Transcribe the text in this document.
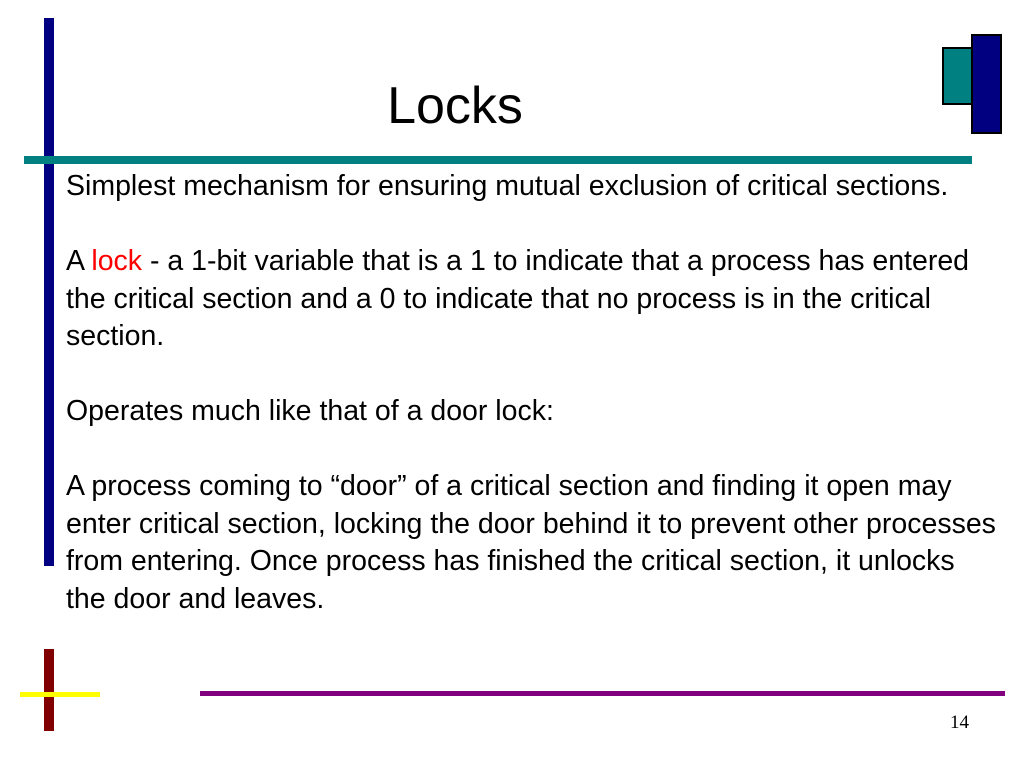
Locks

Simplest mechanism for ensuring mutual exclusion of critical sections.

A lock - a 1-bit variable that is a 1 to indicate that a process has entered the critical section and a 0 to indicate that no process is in the critical section.

Operates much like that of a door lock:

A process coming to “door” of a critical section and finding it open may enter critical section, locking the door behind it to prevent other processes from entering. Once process has finished the critical section, it unlocks the door and leaves.

14
